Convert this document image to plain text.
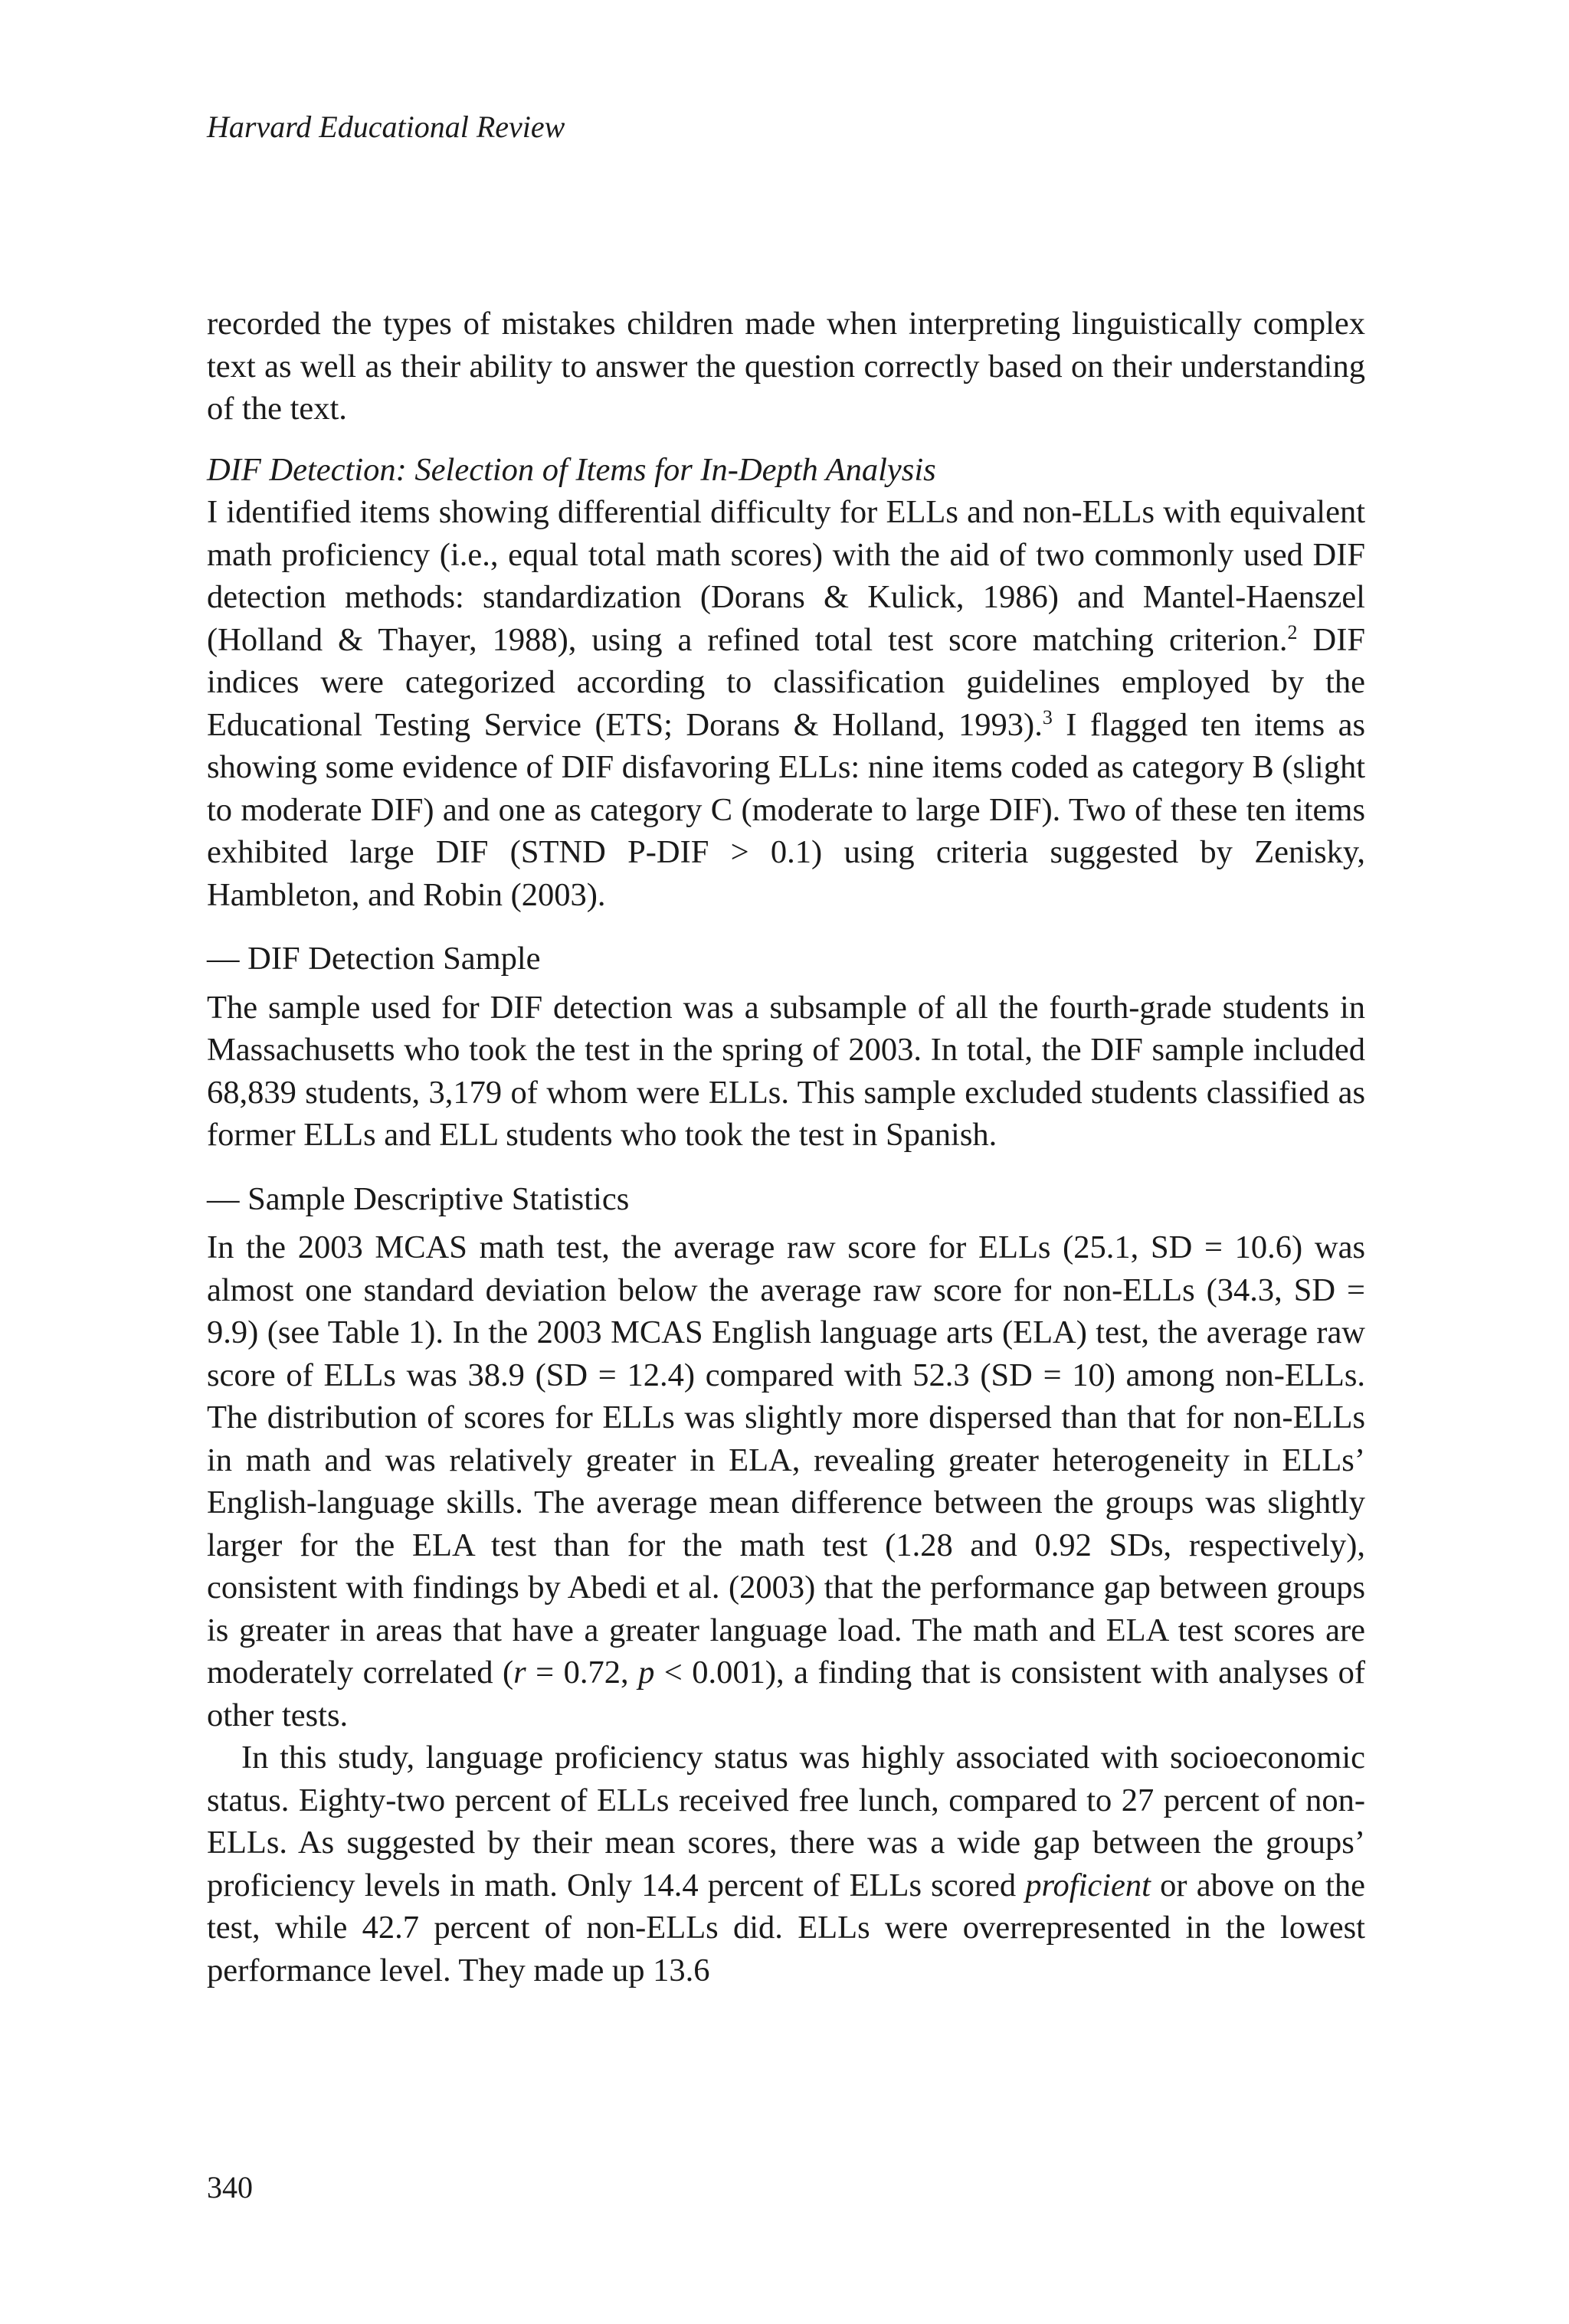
Harvard Educational Review

recorded the types of mistakes children made when interpreting linguistically complex text as well as their ability to answer the question correctly based on their understanding of the text.

DIF Detection: Selection of Items for In-Depth Analysis

I identified items showing differential difficulty for ELLs and non-ELLs with equivalent math proficiency (i.e., equal total math scores) with the aid of two commonly used DIF detection methods: standardization (Dorans & Kulick, 1986) and Mantel-Haenszel (Holland & Thayer, 1988), using a refined total test score matching criterion.$^2$ DIF indices were categorized according to classification guidelines employed by the Educational Testing Service (ETS; Dorans & Holland, 1993).$^3$ I flagged ten items as showing some evidence of DIF disfavoring ELLs: nine items coded as category B (slight to moderate DIF) and one as category C (moderate to large DIF). Two of these ten items exhibited large DIF (STND P-DIF > 0.1) using criteria suggested by Zenisky, Hambleton, and Robin (2003).

— DIF Detection Sample

The sample used for DIF detection was a subsample of all the fourth-grade students in Massachusetts who took the test in the spring of 2003. In total, the DIF sample included 68,839 students, 3,179 of whom were ELLs. This sample excluded students classified as former ELLs and ELL students who took the test in Spanish.

— Sample Descriptive Statistics

In the 2003 MCAS math test, the average raw score for ELLs (25.1, SD = 10.6) was almost one standard deviation below the average raw score for non-ELLs (34.3, SD = 9.9) (see Table 1). In the 2003 MCAS English language arts (ELA) test, the average raw score of ELLs was 38.9 (SD = 12.4) compared with 52.3 (SD = 10) among non-ELLs. The distribution of scores for ELLs was slightly more dispersed than that for non-ELLs in math and was relatively greater in ELA, revealing greater heterogeneity in ELLs’ English-language skills. The average mean difference between the groups was slightly larger for the ELA test than for the math test (1.28 and 0.92 SDs, respectively), consistent with findings by Abedi et al. (2003) that the performance gap between groups is greater in areas that have a greater language load. The math and ELA test scores are moderately correlated (r = 0.72, p < 0.001), a finding that is consistent with analyses of other tests.

In this study, language proficiency status was highly associated with socioeconomic status. Eighty-two percent of ELLs received free lunch, compared to 27 percent of non-ELLs. As suggested by their mean scores, there was a wide gap between the groups’ proficiency levels in math. Only 14.4 percent of ELLs scored proficient or above on the test, while 42.7 percent of non-ELLs did. ELLs were overrepresented in the lowest performance level. They made up 13.6

340
